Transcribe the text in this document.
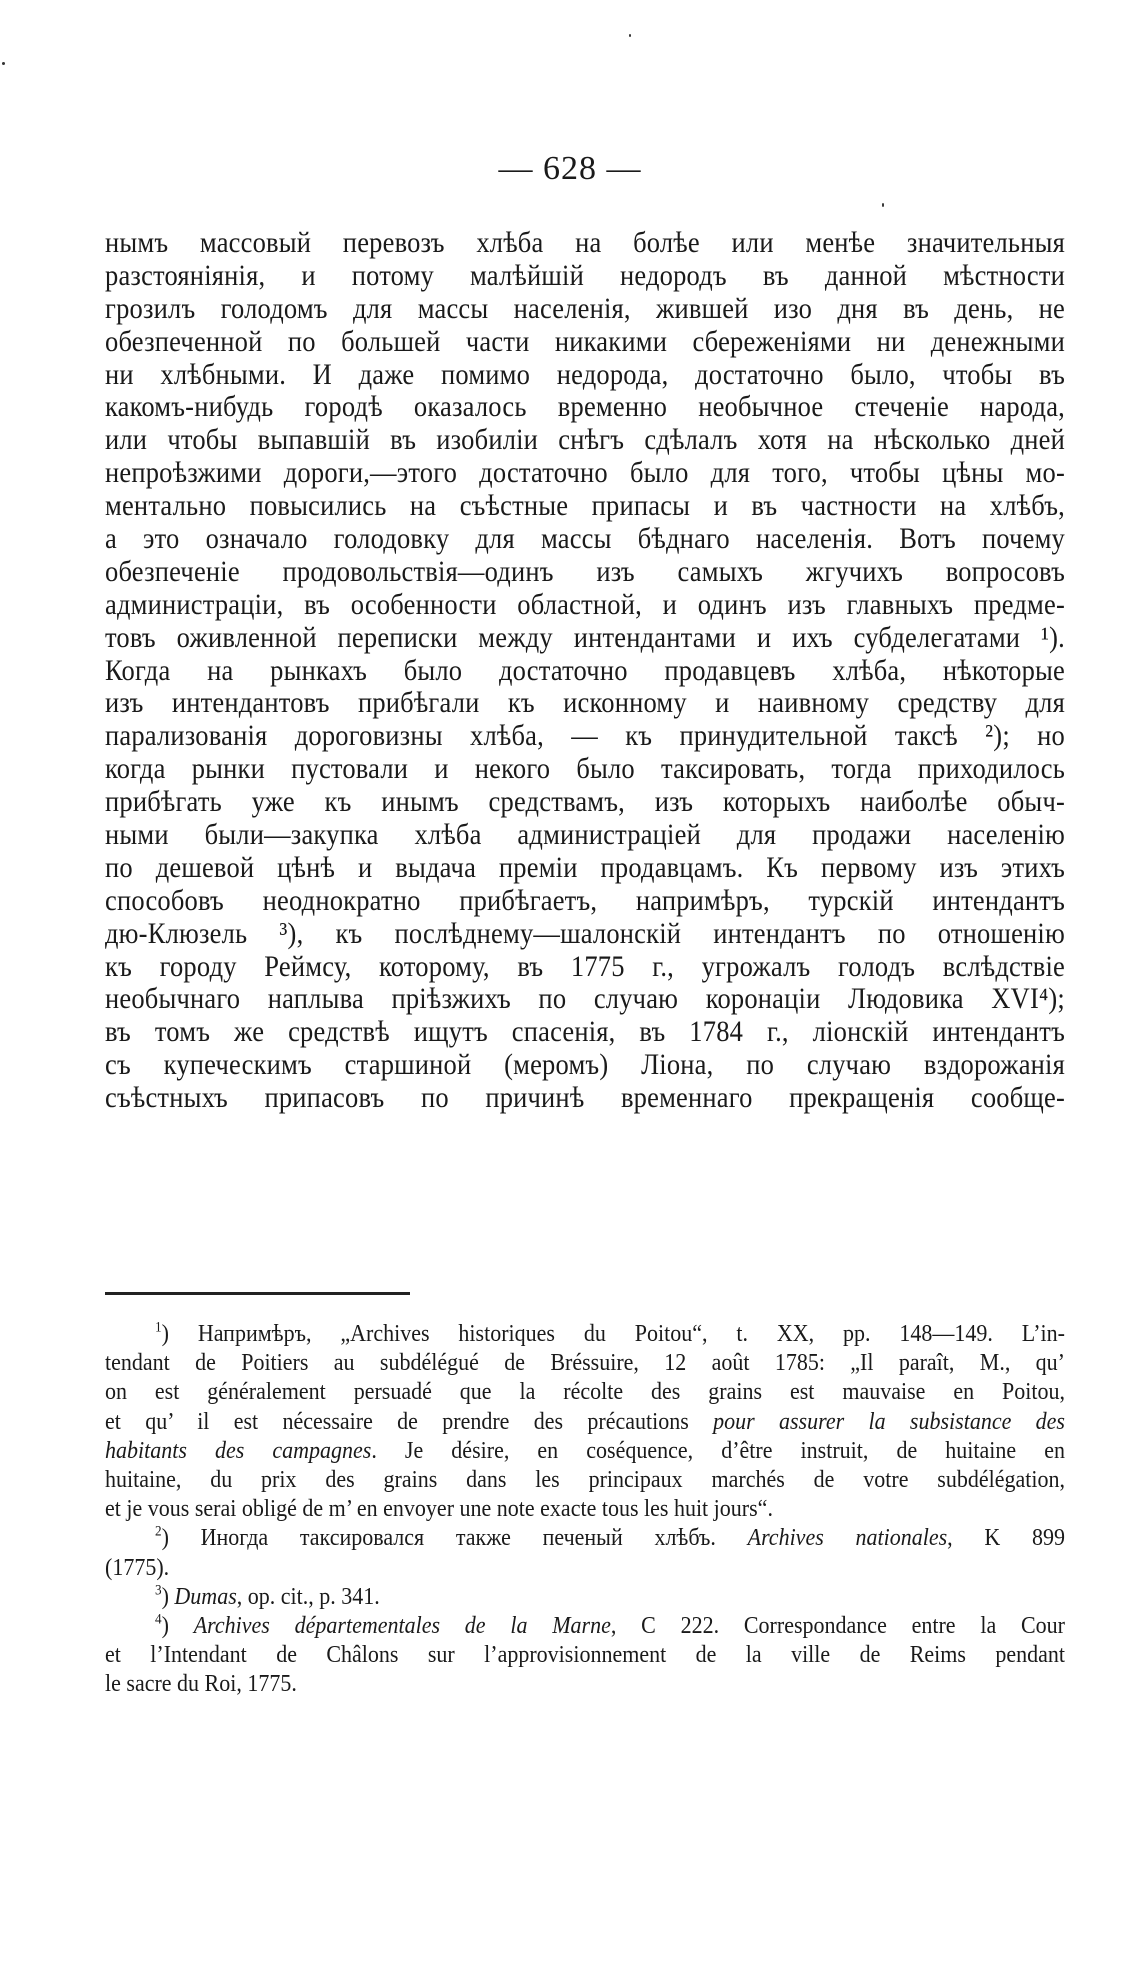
— 628 —
нымъ массовый перевозъ хлѣба на болѣе или менѣе значительныя
разстоянiянiя, и потому малѣйшiй недородъ въ данной мѣстности
грозилъ голодомъ для массы населенiя, жившей изо дня въ день, не
обезпеченной по большей части никакими сбереженiями ни денежными
ни хлѣбными. И даже помимо недорода, достаточно было, чтобы въ
какомъ-нибудь городѣ оказалось временно необычное стеченiе народа,
или чтобы выпавшiй въ изобилiи снѣгъ сдѣлалъ хотя на нѣсколько дней
непроѣзжими дороги,—этого достаточно было для того, чтобы цѣны мо-
ментально повысились на съѣстные припасы и въ частности на хлѣбъ,
а это означало голодовку для массы бѣднаго населенiя. Вотъ почему
обезпеченiе продовольствiя—одинъ изъ самыхъ жгучихъ вопросовъ
администрацiи, въ особенности областной, и одинъ изъ главныхъ предме-
товъ оживленной переписки между интендантами и ихъ субделегатами ¹).
Когда на рынкахъ было достаточно продавцевъ хлѣба, нѣкоторые
изъ интендантовъ прибѣгали къ исконному и наивному средству для
парализованiя дороговизны хлѣба, — къ принудительной таксѣ ²); но
когда рынки пустовали и некого было таксировать, тогда приходилось
прибѣгать уже къ инымъ средствамъ, изъ которыхъ наиболѣе обыч-
ными были—закупка хлѣба администрацiей для продажи населенiю
по дешевой цѣнѣ и выдача премiи продавцамъ. Къ первому изъ этихъ
способовъ неоднократно прибѣгаетъ, напримѣръ, турскiй интендантъ
дю-Клюзель ³), къ послѣднему—шалонскiй интендантъ по отношенiю
къ городу Реймсу, которому, въ 1775 г., угрожалъ голодъ вслѣдствiе
необычнаго наплыва прiѣзжихъ по случаю коронацiи Людовика XVI⁴);
въ томъ же средствѣ ищутъ спасенiя, въ 1784 г., лiонскiй интендантъ
съ купеческимъ старшиной (меромъ) Лiона, по случаю вздорожанiя
съѣстныхъ припасовъ по причинѣ временнаго прекращенiя сообще-
$^1$) Напримѣръ, „Archives historiques du Poitou“, t. XX, pp. 148—149. L’in-
tendant de Poitiers au subdélégué de Bréssuire, 12 août 1785: „Il paraît, M., qu’
on est généralement persuadé que la récolte des grains est mauvaise en Poitou,
et qu’ il est nécessaire de prendre des précautions pour assurer la subsistance des
habitants des campagnes. Je désire, en coséquence, d’être instruit, de huitaine en
huitaine, du prix des grains dans les principaux marchés de votre subdélégation,
et je vous serai obligé de m’ en envoyer une note exacte tous les huit jours“.
$^2$) Иногда таксировался также печеный хлѣбъ. Archives nationales, K 899
(1775).
$^3$) Dumas, op. cit., p. 341.
$^4$) Archives départementales de la Marne, C 222. Correspondance entre la Cour
et l’Intendant de Châlons sur l’approvisionnement de la ville de Reims pendant
le sacre du Roi, 1775.
